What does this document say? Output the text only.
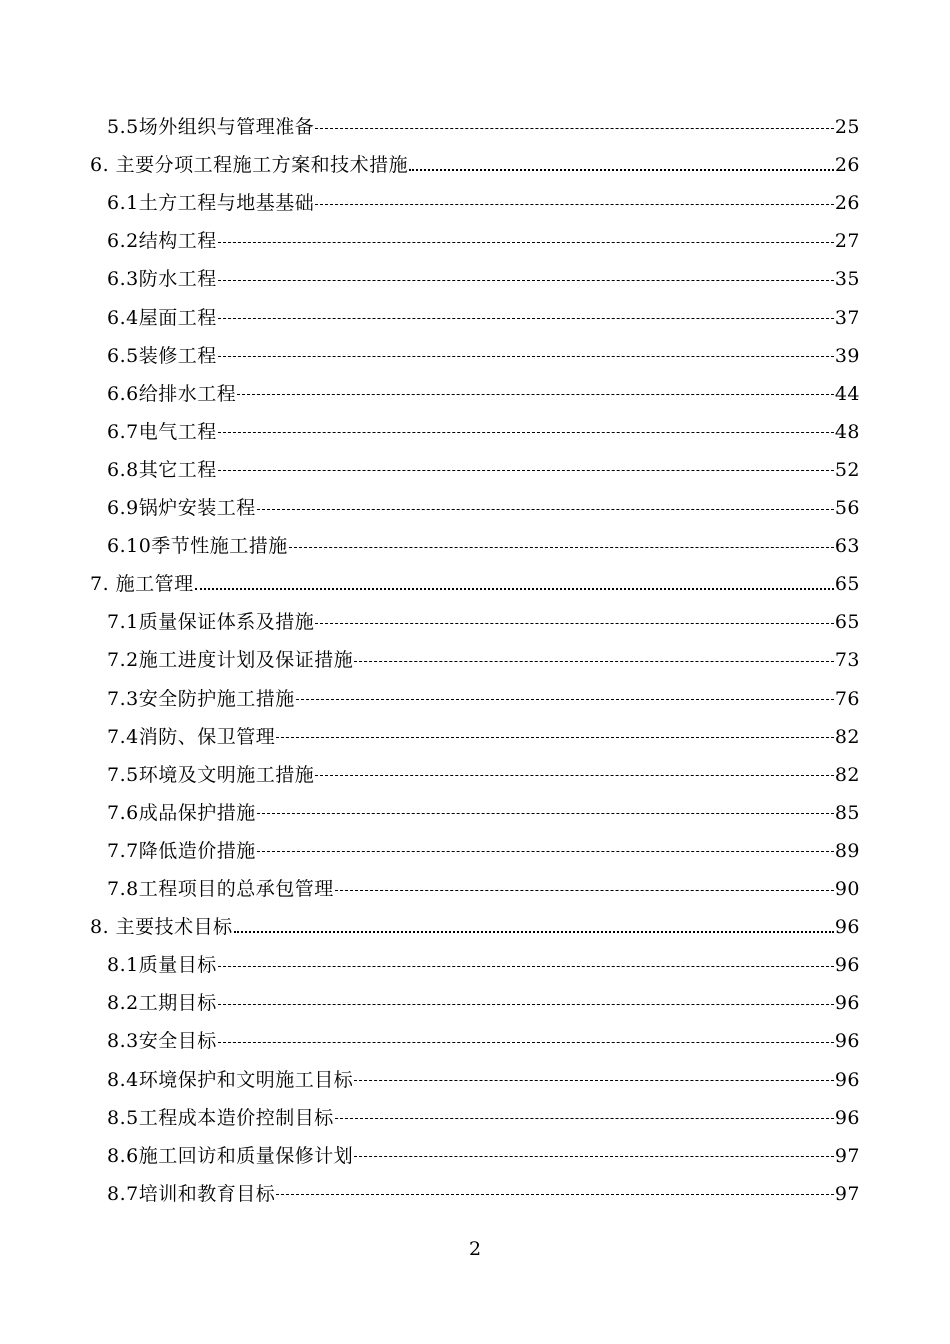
5.5场外组织与管理准备	25
6. 主要分项工程施工方案和技术措施	26
6.1土方工程与地基基础	26
6.2结构工程	27
6.3防水工程	35
6.4屋面工程	37
6.5装修工程	39
6.6给排水工程	44
6.7电气工程	48
6.8其它工程	52
6.9锅炉安装工程	56
6.10季节性施工措施	63
7. 施工管理	65
7.1质量保证体系及措施	65
7.2施工进度计划及保证措施	73
7.3安全防护施工措施	76
7.4消防、保卫管理	82
7.5环境及文明施工措施	82
7.6成品保护措施	85
7.7降低造价措施	89
7.8工程项目的总承包管理	90
8. 主要技术目标	96
8.1质量目标	96
8.2工期目标	96
8.3安全目标	96
8.4环境保护和文明施工目标	96
8.5工程成本造价控制目标	96
8.6施工回访和质量保修计划	97
8.7培训和教育目标	97
2
